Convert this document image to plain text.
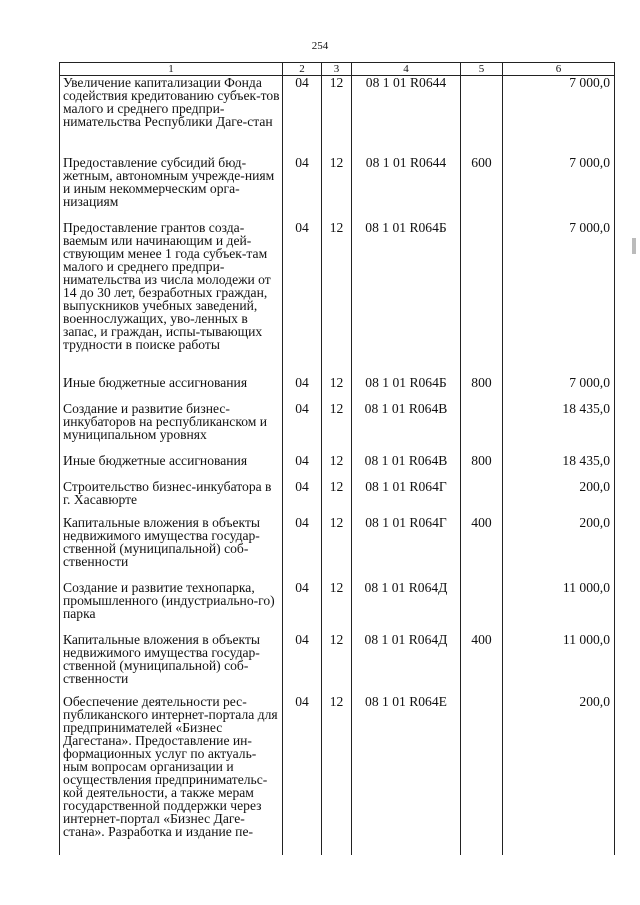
254
1	2	3	4	5	6
Увеличение капитализации Фонда содействия кредитованию субъек-тов малого и среднего предпри-нимательства Республики Даге-стан	04	12	08 1 01 R0644		7 000,0
Предоставление субсидий бюд-жетным, автономным учрежде-ниям и иным некоммерческим орга-низациям	04	12	08 1 01 R0644	600	7 000,0
Предоставление грантов созда-ваемым или начинающим и дей-ствующим менее 1 года субъек-там малого и среднего предпри-нимательства из числа молодежи от 14 до 30 лет, безработных граждан, выпускников учебных заведений, военнослужащих, уво-ленных в запас, и граждан, испы-тывающих трудности в поиске работы	04	12	08 1 01 R064Б		7 000,0
Иные бюджетные ассигнования	04	12	08 1 01 R064Б	800	7 000,0
Создание и развитие бизнес-инкубаторов на республиканском и муниципальном уровнях	04	12	08 1 01 R064В		18 435,0
Иные бюджетные ассигнования	04	12	08 1 01 R064В	800	18 435,0
Строительство бизнес-инкубатора в г. Хасавюрте	04	12	08 1 01 R064Г		200,0
Капитальные вложения в объекты недвижимого имущества государ-ственной (муниципальной) соб-ственности	04	12	08 1 01 R064Г	400	200,0
Создание и развитие технопарка, промышленного (индустриально-го) парка	04	12	08 1 01 R064Д		11 000,0
Капитальные вложения в объекты недвижимого имущества государ-ственной (муниципальной) соб-ственности	04	12	08 1 01 R064Д	400	11 000,0
Обеспечение деятельности рес-публиканского интернет-портала для предпринимателей «Бизнес Дагестана». Предоставление ин-формационных услуг по актуаль-ным вопросам организации и осуществления предпринимательс-кой деятельности, а также мерам государственной поддержки через интернет-портал «Бизнес Даге-стана». Разработка и издание пе-	04	12	08 1 01 R064Е		200,0
